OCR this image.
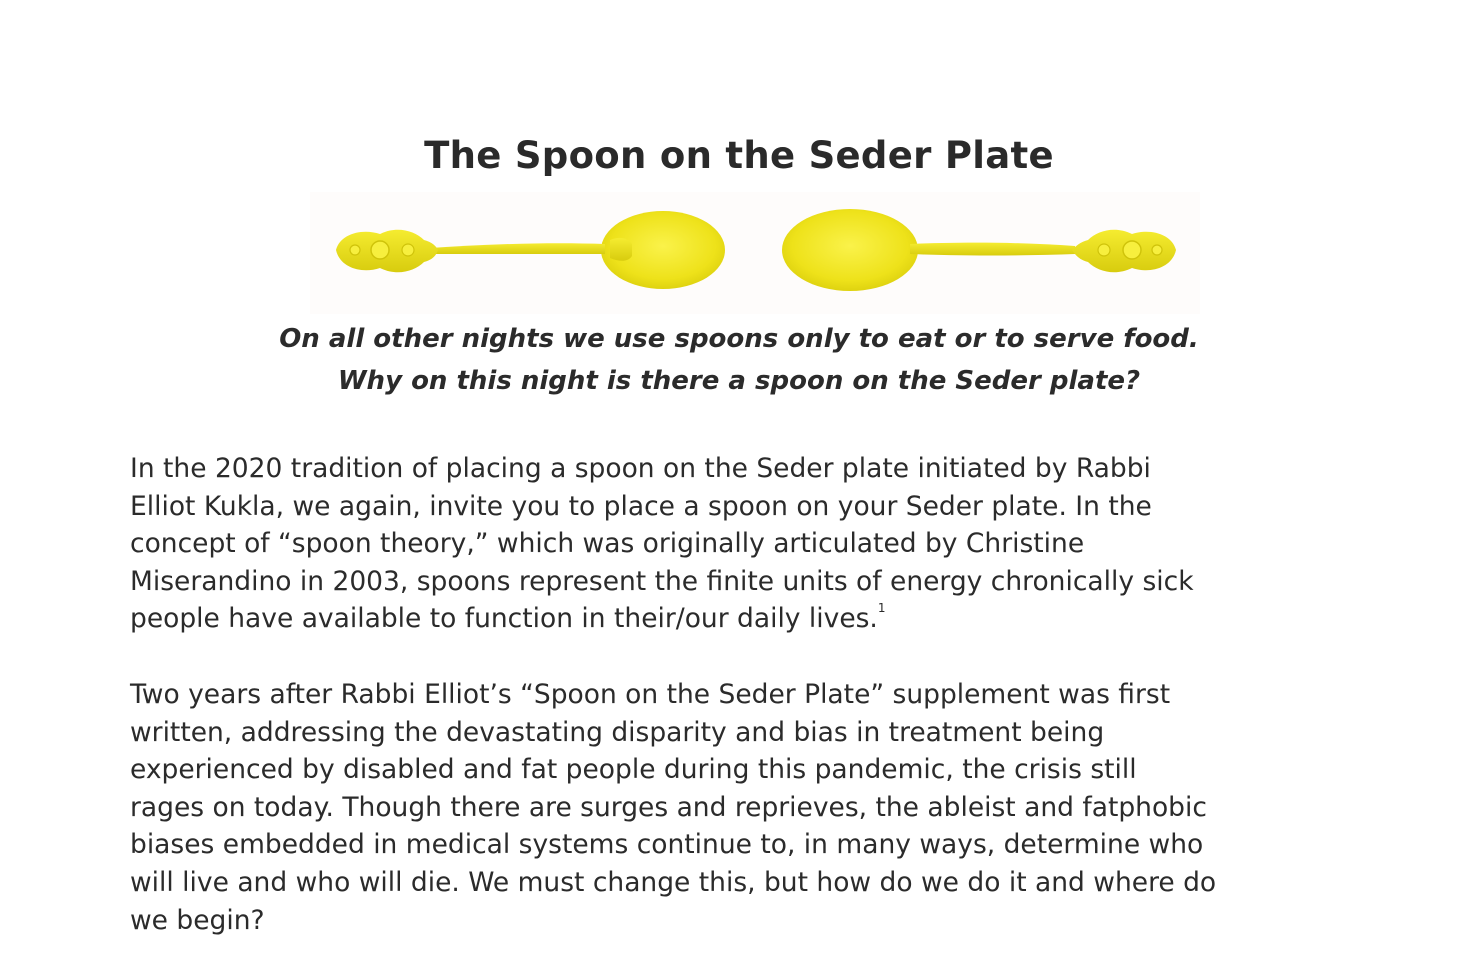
The Spoon on the Seder Plate

On all other nights we use spoons only to eat or to serve food.
Why on this night is there a spoon on the Seder plate?

In the 2020 tradition of placing a spoon on the Seder plate initiated by Rabbi
Elliot Kukla, we again, invite you to place a spoon on your Seder plate. In the
concept of “spoon theory,” which was originally articulated by Christine
Miserandino in 2003, spoons represent the finite units of energy chronically sick
people have available to function in their/our daily lives.$^1$

Two years after Rabbi Elliot’s “Spoon on the Seder Plate” supplement was first
written, addressing the devastating disparity and bias in treatment being
experienced by disabled and fat people during this pandemic, the crisis still
rages on today. Though there are surges and reprieves, the ableist and fatphobic
biases embedded in medical systems continue to, in many ways, determine who
will live and who will die. We must change this, but how do we do it and where do
we begin?
